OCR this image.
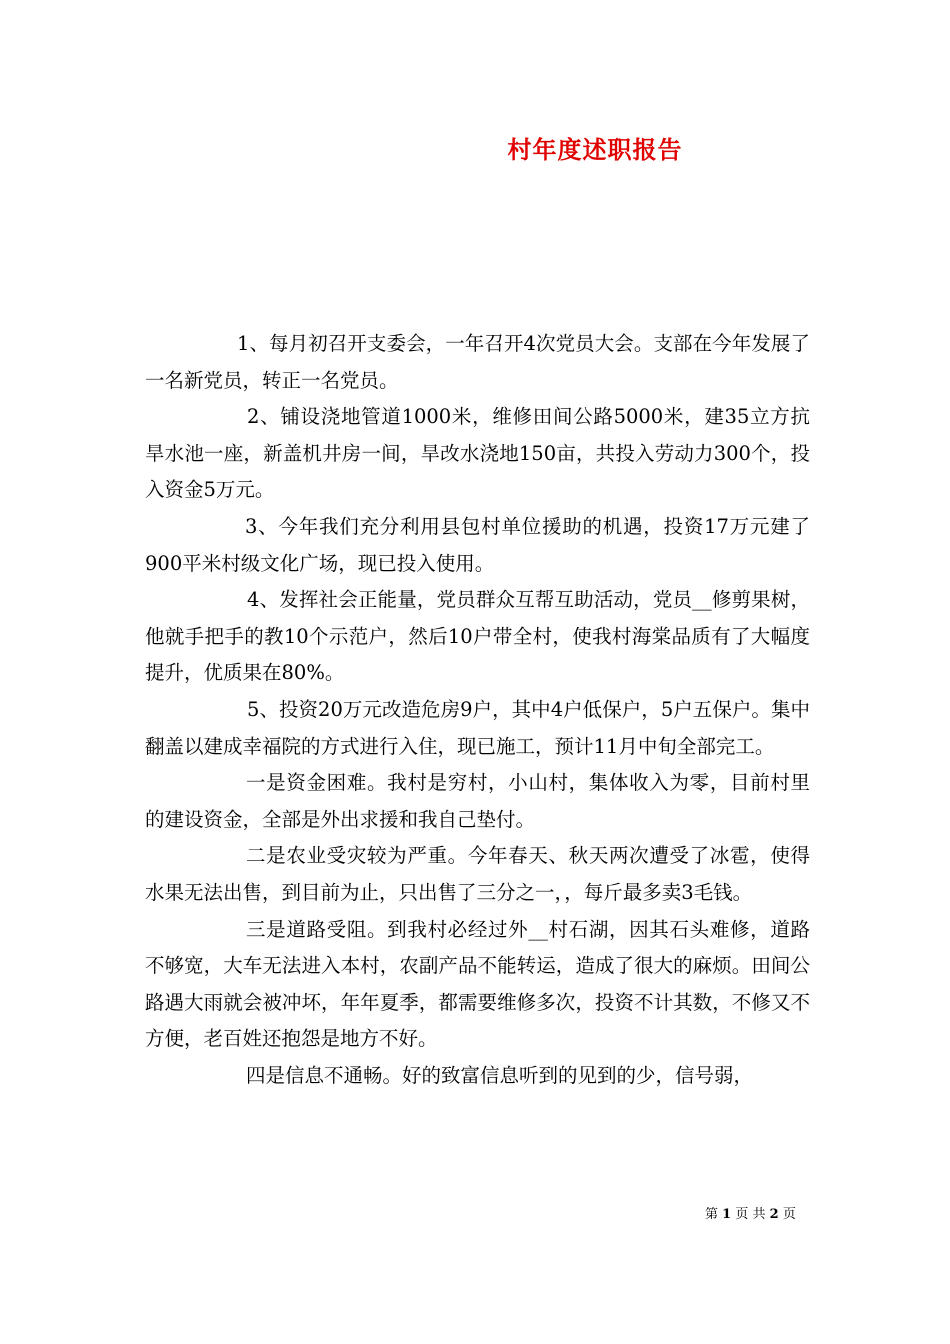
村年度述职报告

1、每月初召开支委会，一年召开4次党员大会。支部在今年发展了一名新党员，转正一名党员。

2、铺设浇地管道1000米，维修田间公路5000米，建35立方抗旱水池一座，新盖机井房一间，旱改水浇地150亩，共投入劳动力300个，投入资金5万元。

3、今年我们充分利用县包村单位援助的机遇，投资17万元建了900平米村级文化广场，现已投入使用。

4、发挥社会正能量，党员群众互帮互助活动，党员__修剪果树，他就手把手的教10个示范户，然后10户带全村，使我村海棠品质有了大幅度提升，优质果在80%。

5、投资20万元改造危房9户，其中4户低保户，5户五保户。集中翻盖以建成幸福院的方式进行入住，现已施工，预计11月中旬全部完工。

一是资金困难。我村是穷村，小山村，集体收入为零，目前村里的建设资金，全部是外出求援和我自己垫付。

二是农业受灾较为严重。今年春天、秋天两次遭受了冰雹，使得水果无法出售，到目前为止，只出售了三分之一，，每斤最多卖3毛钱。

三是道路受阻。到我村必经过外__村石湖，因其石头难修，道路不够宽，大车无法进入本村，农副产品不能转运，造成了很大的麻烦。田间公路遇大雨就会被冲坏，年年夏季，都需要维修多次，投资不计其数，不修又不方便，老百姓还抱怨是地方不好。

四是信息不通畅。好的致富信息听到的见到的少，信号弱，

第 1 页 共 2 页
